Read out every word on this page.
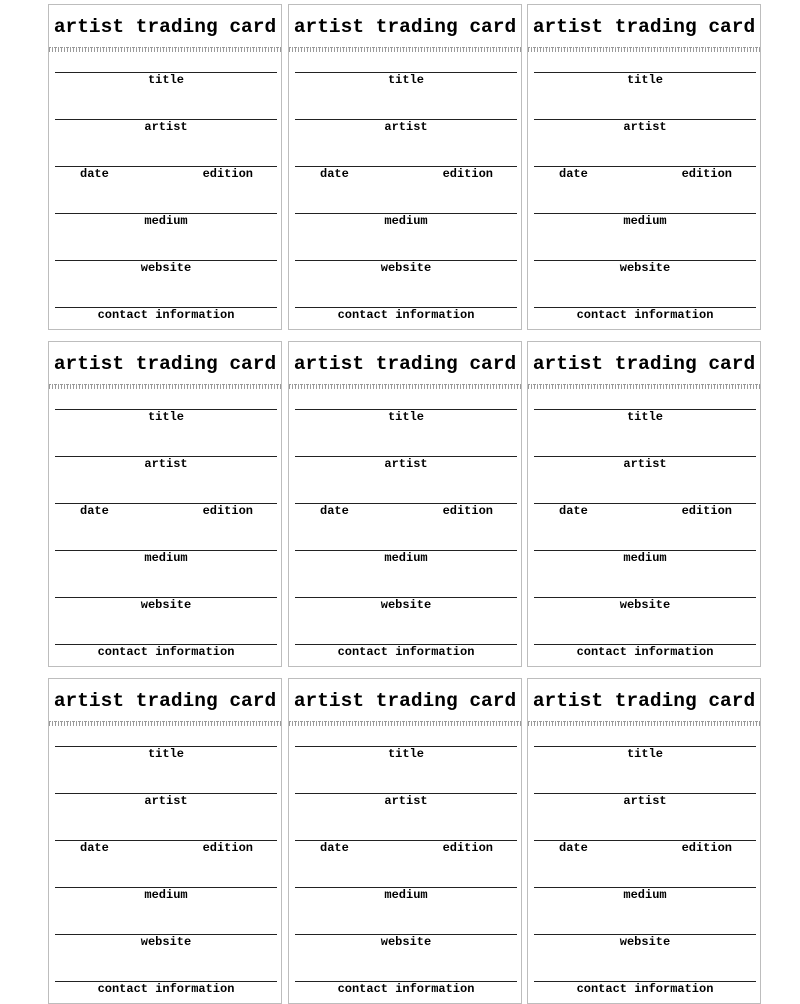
artist trading card
title
artist
date	edition
medium
website
contact information
artist trading card
title
artist
date	edition
medium
website
contact information
artist trading card
title
artist
date	edition
medium
website
contact information
artist trading card
title
artist
date	edition
medium
website
contact information
artist trading card
title
artist
date	edition
medium
website
contact information
artist trading card
title
artist
date	edition
medium
website
contact information
artist trading card
title
artist
date	edition
medium
website
contact information
artist trading card
title
artist
date	edition
medium
website
contact information
artist trading card
title
artist
date	edition
medium
website
contact information
